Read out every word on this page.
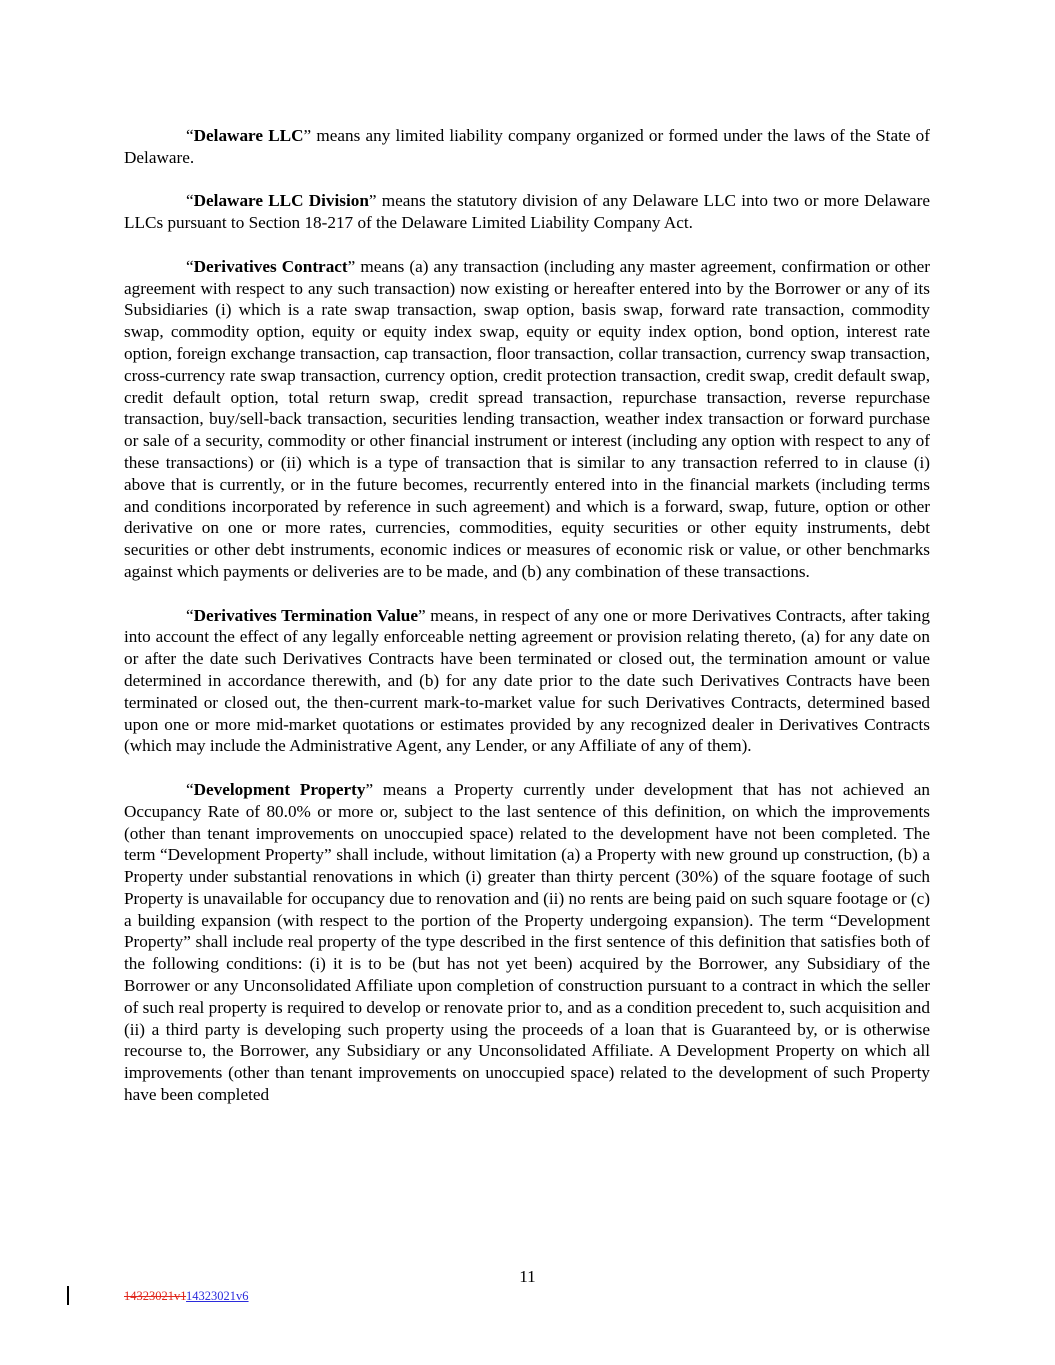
“Delaware LLC” means any limited liability company organized or formed under the laws of the State of Delaware.

“Delaware LLC Division” means the statutory division of any Delaware LLC into two or more Delaware LLCs pursuant to Section 18-217 of the Delaware Limited Liability Company Act.

“Derivatives Contract” means (a) any transaction (including any master agreement, confirmation or other agreement with respect to any such transaction) now existing or hereafter entered into by the Borrower or any of its Subsidiaries (i) which is a rate swap transaction, swap option, basis swap, forward rate transaction, commodity swap, commodity option, equity or equity index swap, equity or equity index option, bond option, interest rate option, foreign exchange transaction, cap transaction, floor transaction, collar transaction, currency swap transaction, cross-currency rate swap transaction, currency option, credit protection transaction, credit swap, credit default swap, credit default option, total return swap, credit spread transaction, repurchase transaction, reverse repurchase transaction, buy/sell-back transaction, securities lending transaction, weather index transaction or forward purchase or sale of a security, commodity or other financial instrument or interest (including any option with respect to any of these transactions) or (ii) which is a type of transaction that is similar to any transaction referred to in clause (i) above that is currently, or in the future becomes, recurrently entered into in the financial markets (including terms and conditions incorporated by reference in such agreement) and which is a forward, swap, future, option or other derivative on one or more rates, currencies, commodities, equity securities or other equity instruments, debt securities or other debt instruments, economic indices or measures of economic risk or value, or other benchmarks against which payments or deliveries are to be made, and (b) any combination of these transactions.

“Derivatives Termination Value” means, in respect of any one or more Derivatives Contracts, after taking into account the effect of any legally enforceable netting agreement or provision relating thereto, (a) for any date on or after the date such Derivatives Contracts have been terminated or closed out, the termination amount or value determined in accordance therewith, and (b) for any date prior to the date such Derivatives Contracts have been terminated or closed out, the then-current mark-to-market value for such Derivatives Contracts, determined based upon one or more mid-market quotations or estimates provided by any recognized dealer in Derivatives Contracts (which may include the Administrative Agent, any Lender, or any Affiliate of any of them).

“Development Property” means a Property currently under development that has not achieved an Occupancy Rate of 80.0% or more or, subject to the last sentence of this definition, on which the improvements (other than tenant improvements on unoccupied space) related to the development have not been completed. The term “Development Property” shall include, without limitation (a) a Property with new ground up construction, (b) a Property under substantial renovations in which (i) greater than thirty percent (30%) of the square footage of such Property is unavailable for occupancy due to renovation and (ii) no rents are being paid on such square footage or (c) a building expansion (with respect to the portion of the Property undergoing expansion). The term “Development Property” shall include real property of the type described in the first sentence of this definition that satisfies both of the following conditions: (i) it is to be (but has not yet been) acquired by the Borrower, any Subsidiary of the Borrower or any Unconsolidated Affiliate upon completion of construction pursuant to a contract in which the seller of such real property is required to develop or renovate prior to, and as a condition precedent to, such acquisition and (ii) a third party is developing such property using the proceeds of a loan that is Guaranteed by, or is otherwise recourse to, the Borrower, any Subsidiary or any Unconsolidated Affiliate. A Development Property on which all improvements (other than tenant improvements on unoccupied space) related to the development of such Property have been completed

11
14323021v114323021v6
